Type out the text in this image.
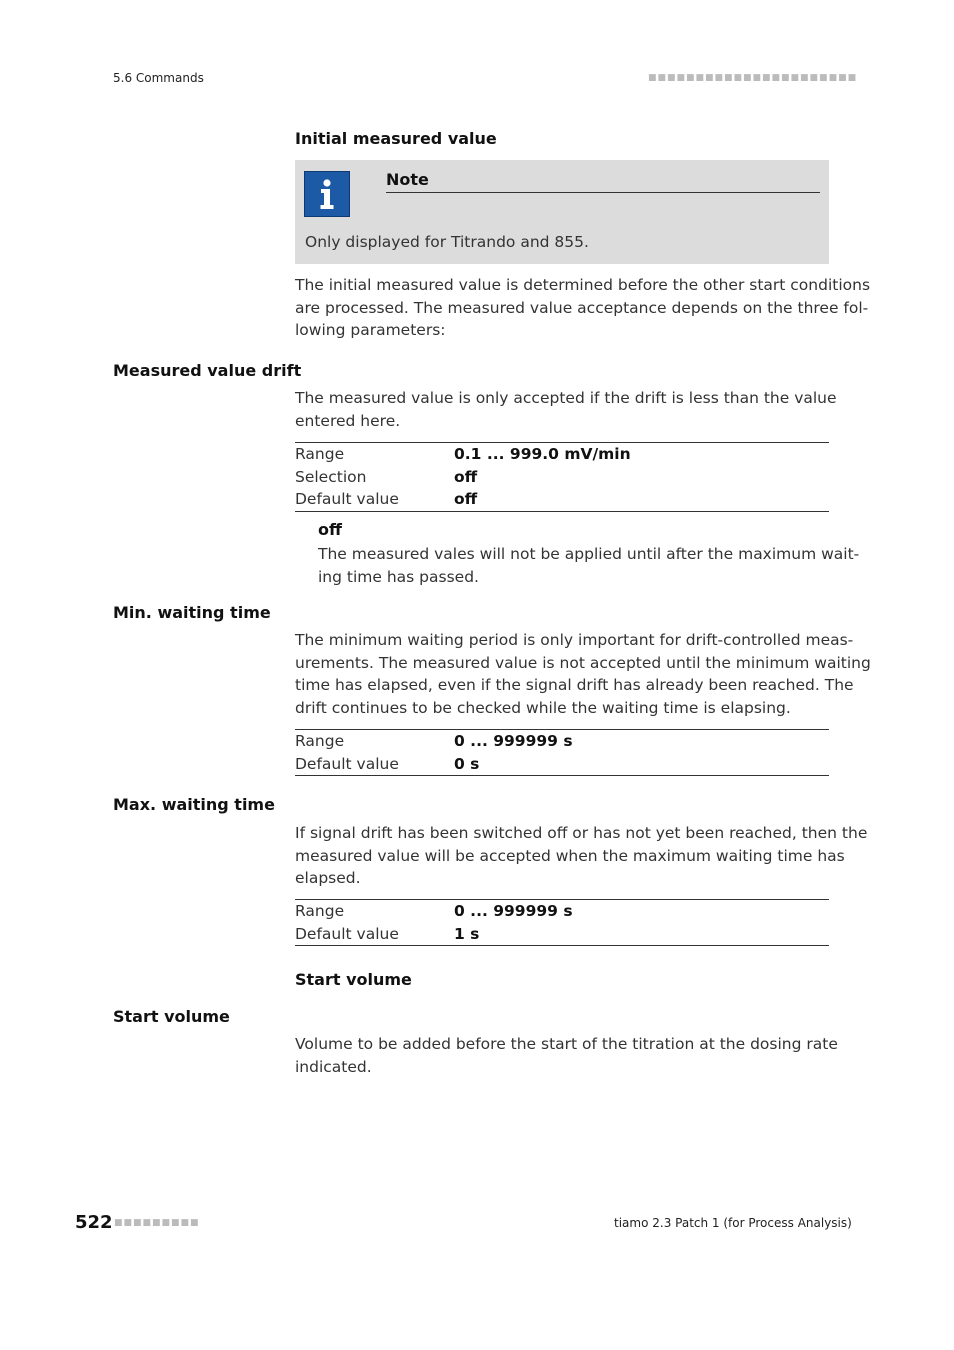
5.6 Commands	■■■■■■■■■■■■■■■■■■■■■■
Initial measured value
Note
Only displayed for Titrando and 855.
The initial measured value is determined before the other start conditions
are processed. The measured value acceptance depends on the three fol-
lowing parameters:
Measured value drift
The measured value is only accepted if the drift is less than the value
entered here.
Range	0.1 ... 999.0 mV/min
Selection	off
Default value	off
off
The measured vales will not be applied until after the maximum wait-
ing time has passed.
Min. waiting time
The minimum waiting period is only important for drift-controlled meas-
urements. The measured value is not accepted until the minimum waiting
time has elapsed, even if the signal drift has already been reached. The
drift continues to be checked while the waiting time is elapsing.
Range	0 ... 999999 s
Default value	0 s
Max. waiting time
If signal drift has been switched off or has not yet been reached, then the
measured value will be accepted when the maximum waiting time has
elapsed.
Range	0 ... 999999 s
Default value	1 s
Start volume
Start volume
Volume to be added before the start of the titration at the dosing rate
indicated.
522 ■■■■■■■■■	tiamo 2.3 Patch 1 (for Process Analysis)
